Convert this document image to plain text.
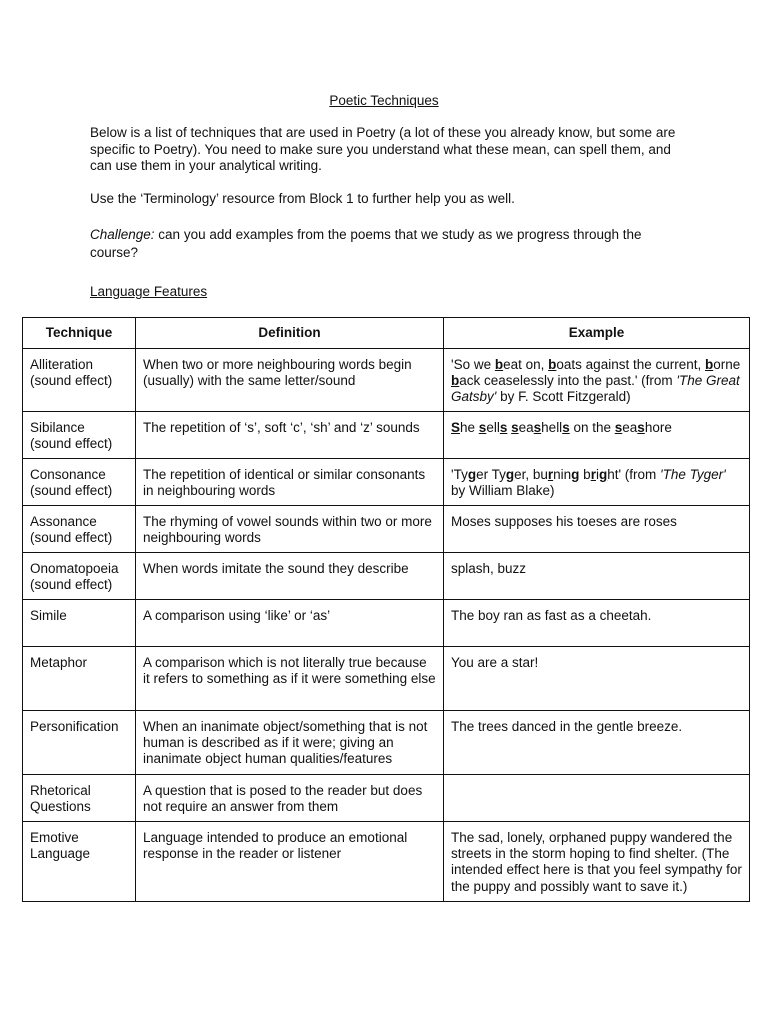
Poetic Techniques

Below is a list of techniques that are used in Poetry (a lot of these you already know, but some are specific to Poetry). You need to make sure you understand what these mean, can spell them, and can use them in your analytical writing.

Use the ‘Terminology’ resource from Block 1 to further help you as well.

Challenge: can you add examples from the poems that we study as we progress through the course?

Language Features
Technique	Definition	Example
Alliteration (sound effect)	When two or more neighbouring words begin (usually) with the same letter/sound	'So we beat on, boats against the current, borne back ceaselessly into the past.' (from 'The Great Gatsby' by F. Scott Fitzgerald)
Sibilance (sound effect)	The repetition of ‘s’, soft ‘c’, ‘sh’ and ‘z’ sounds	She sells seashells on the seashore
Consonance (sound effect)	The repetition of identical or similar consonants in neighbouring words	'Tyger Tyger, burning bright' (from 'The Tyger' by William Blake)
Assonance (sound effect)	The rhyming of vowel sounds within two or more neighbouring words	Moses supposes his toeses are roses
Onomatopoeia (sound effect)	When words imitate the sound they describe	splash, buzz
Simile	A comparison using ‘like’ or ‘as’	The boy ran as fast as a cheetah.
Metaphor	A comparison which is not literally true because it refers to something as if it were something else	You are a star!
Personification	When an inanimate object/something that is not human is described as if it were; giving an inanimate object human qualities/features	The trees danced in the gentle breeze.
Rhetorical Questions	A question that is posed to the reader but does not require an answer from them	
Emotive Language	Language intended to produce an emotional response in the reader or listener	The sad, lonely, orphaned puppy wandered the streets in the storm hoping to find shelter. (The intended effect here is that you feel sympathy for the puppy and possibly want to save it.)
